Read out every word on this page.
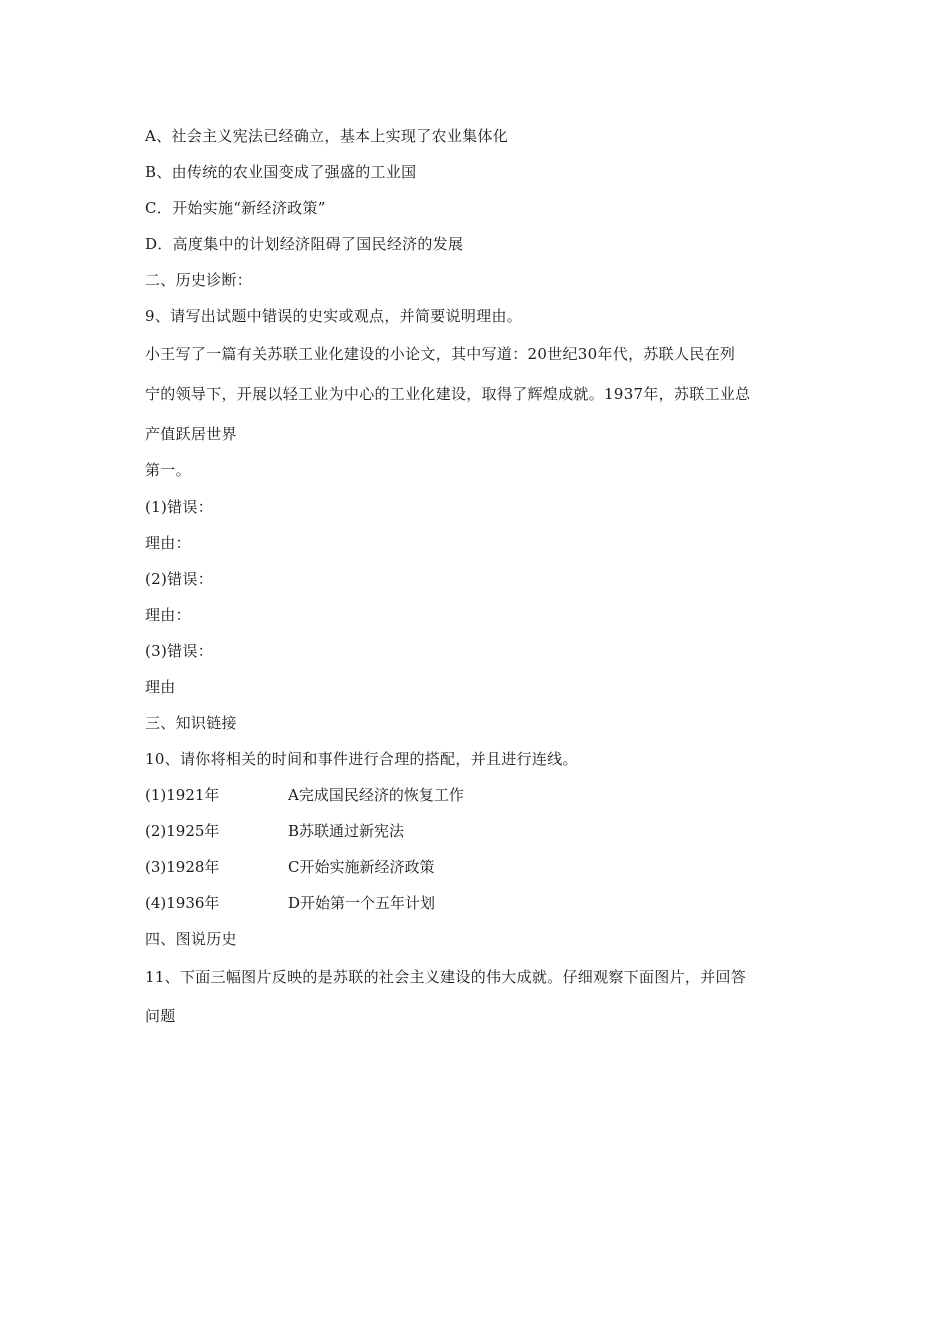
A、社会主义宪法已经确立，基本上实现了农业集体化
B、由传统的农业国变成了强盛的工业国
C．开始实施“新经济政策”
D．高度集中的计划经济阻碍了国民经济的发展
二、历史诊断：
9、请写出试题中错误的史实或观点，并简要说明理由。
小王写了一篇有关苏联工业化建设的小论文，其中写道：20世纪30年代，苏联人民在列
宁的领导下，开展以轻工业为中心的工业化建设，取得了辉煌成就。1937年，苏联工业总
产值跃居世界
第一。
(1)错误：
理由：
(2)错误：
理由：
(3)错误：
理由
三、知识链接
10、请你将相关的时间和事件进行合理的搭配，并且进行连线。
(1)1921年	A完成国民经济的恢复工作
(2)1925年	B苏联通过新宪法
(3)1928年	C开始实施新经济政策
(4)1936年	D开始第一个五年计划
四、图说历史
11、下面三幅图片反映的是苏联的社会主义建设的伟大成就。仔细观察下面图片，并回答
问题
